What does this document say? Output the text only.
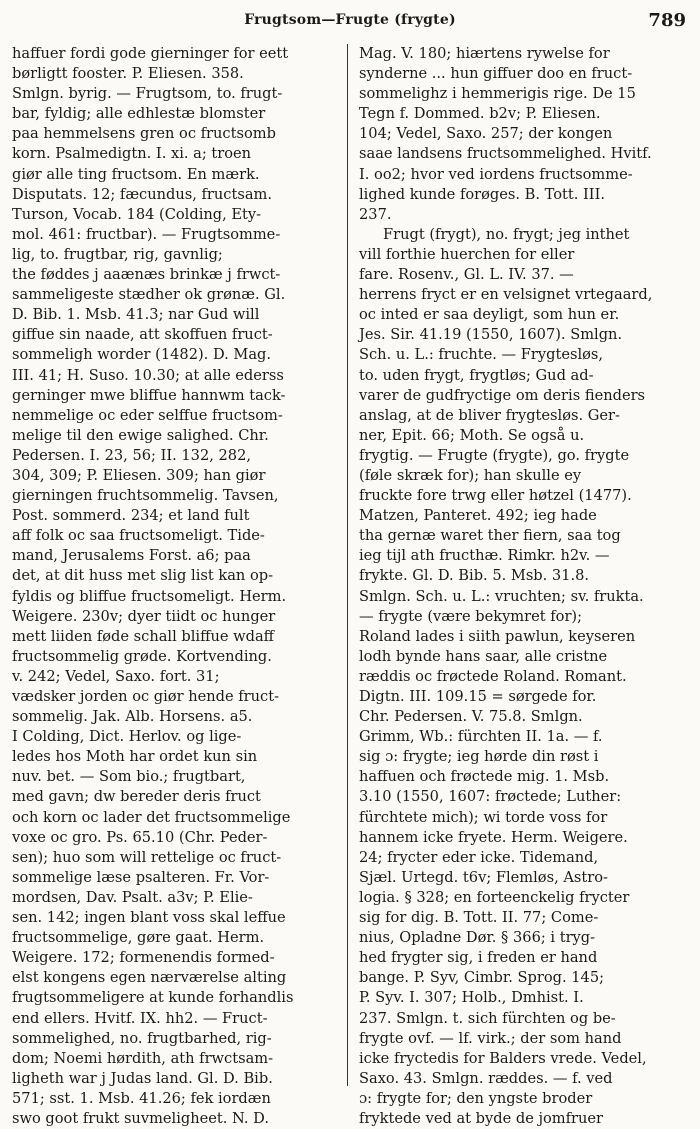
Frugtsom—Frugte (frygte)	789
haffuer fordi gode gierninger for eett
børligtt fooster. P. Eliesen. 358.
Smlgn. byrig. — Frugtsom, to. frugt-
bar, fyldig; alle edhlestæ blomster
paa hemmelsens gren oc fructsomb
korn. Psalmedigtn. I. xi. a; troen
giør alle ting fructsom. En mærk.
Disputats. 12; fæcundus, fructsam.
Turson, Vocab. 184 (Colding, Ety-
mol. 461: fructbar). — Frugtsomme-
lig, to. frugtbar, rig, gavnlig;
the føddes j aaænæs brinkæ j frwct-
sammeligeste stædher ok grønæ. Gl.
D. Bib. 1. Msb. 41.3; nar Gud will
giffue sin naade, att skoffuen fruct-
sommeligh worder (1482). D. Mag.
III. 41; H. Suso. 10.30; at alle ederss
gerninger mwe bliffue hannwm tack-
nemmelige oc eder selffue fructsom-
melige til den ewige salighed. Chr.
Pedersen. I. 23, 56; II. 132, 282,
304, 309; P. Eliesen. 309; han giør
gierningen fruchtsommelig. Tavsen,
Post. sommerd. 234; et land fult
aff folk oc saa fructsomeligt. Tide-
mand, Jerusalems Forst. a6; paa
det, at dit huss met slig list kan op-
fyldis og bliffue fructsomeligt. Herm.
Weigere. 230v; dyer tiidt oc hunger
mett liiden føde schall bliffue wdaff
fructsommelig grøde. Kortvending.
v. 242; Vedel, Saxo. fort. 31;
vædsker jorden oc giør hende fruct-
sommelig. Jak. Alb. Horsens. a5.
I Colding, Dict. Herlov. og lige-
ledes hos Moth har ordet kun sin
nuv. bet. — Som bio.; frugtbart,
med gavn; dw bereder deris fruct
och korn oc lader det fructsommelige
voxe oc gro. Ps. 65.10 (Chr. Peder-
sen); huo som will rettelige oc fruct-
sommelige læse psalteren. Fr. Vor-
mordsen, Dav. Psalt. a3v; P. Elie-
sen. 142; ingen blant voss skal leffue
fructsommelige, gøre gaat. Herm.
Weigere. 172; formenendis formed-
elst kongens egen nærværelse alting
frugtsommeligere at kunde forhandlis
end ellers. Hvitf. IX. hh2. — Fruct-
sommelighed, no. frugtbarhed, rig-
dom; Noemi hørdith, ath frwctsam-
ligheth war j Judas land. Gl. D. Bib.
571; sst. 1. Msb. 41.26; fek iordæn
swo goot frukt suvmeligheet. N. D.
Mag. V. 180; hiærtens rywelse for
synderne ... hun giffuer doo en fruct-
sommelighz i hemmerigis rige. De 15
Tegn f. Dommed. b2v; P. Eliesen.
104; Vedel, Saxo. 257; der kongen
saae landsens fructsommelighed. Hvitf.
I. oo2; hvor ved iordens fructsomme-
lighed kunde forøges. B. Tott. III.
237.
Frugt (frygt), no. frygt; jeg inthet
vill forthie huerchen for eller
fare. Rosenv., Gl. L. IV. 37. —
herrens fryct er en velsignet vrtegaard,
oc inted er saa deyligt, som hun er.
Jes. Sir. 41.19 (1550, 1607). Smlgn.
Sch. u. L.: fruchte. — Frygtesløs,
to. uden frygt, frygtløs; Gud ad-
varer de gudfryctige om deris fienders
anslag, at de bliver frygtesløs. Ger-
ner, Epit. 66; Moth. Se også u.
frygtig. — Frugte (frygte), go. frygte
(føle skræk for); han skulle ey
fruckte fore trwg eller høtzel (1477).
Matzen, Panteret. 492; ieg hade
tha gernæ waret ther fiern, saa tog
ieg tijl ath fructhæ. Rimkr. h2v. —
frykte. Gl. D. Bib. 5. Msb. 31.8.
Smlgn. Sch. u. L.: vruchten; sv. frukta.
— frygte (være bekymret for);
Roland lades i siith pawlun, keyseren
lodh bynde hans saar, alle cristne
ræddis oc frøctede Roland. Romant.
Digtn. III. 109.15 = sørgede for.
Chr. Pedersen. V. 75.8. Smlgn.
Grimm, Wb.: fürchten II. 1a. — f.
sig ɔ: frygte; ieg hørde din røst i
haffuen och frøctede mig. 1. Msb.
3.10 (1550, 1607: frøctede; Luther:
fürchtete mich); wi torde voss for
hannem icke fryete. Herm. Weigere.
24; frycter eder icke. Tidemand,
Sjæl. Urtegd. t6v; Flemløs, Astro-
logia. § 328; en forteenckelig frycter
sig for dig. B. Tott. II. 77; Come-
nius, Opladne Dør. § 366; i tryg-
hed frygter sig, i freden er hand
bange. P. Syv, Cimbr. Sprog. 145;
P. Syv. I. 307; Holb., Dmhist. I.
237. Smlgn. t. sich fürchten og be-
frygte ovf. — lf. virk.; der som hand
icke fryctedis for Balders vrede. Vedel,
Saxo. 43. Smlgn. ræddes. — f. ved
ɔ: frygte for; den yngste broder
fryktede ved at byde de jomfruer
